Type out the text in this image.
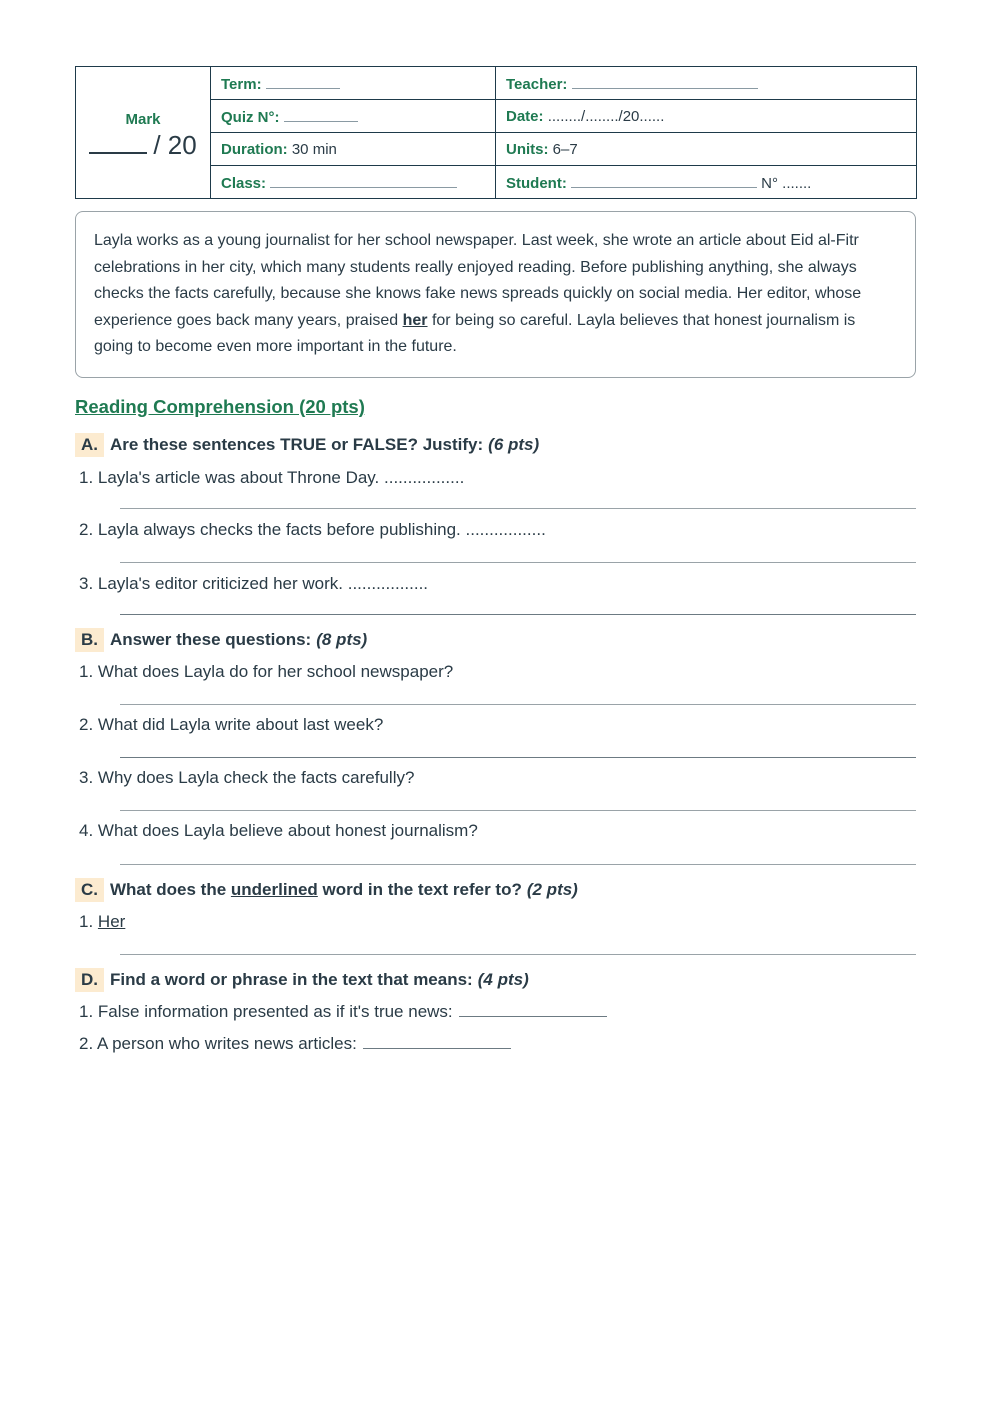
Mark
/ 20	Term:	Teacher:
	Quiz N°:	Date: ......../......../20......
	Duration: 30 min	Units: 6–7
	Class:	Student: N° .......
Layla works as a young journalist for her school newspaper. Last week, she wrote an article about Eid al-Fitr celebrations in her city, which many students really enjoyed reading. Before publishing anything, she always checks the facts carefully, because she knows fake news spreads quickly on social media. Her editor, whose experience goes back many years, praised her for being so careful. Layla believes that honest journalism is going to become even more important in the future.
Reading Comprehension (20 pts)
A. Are these sentences TRUE or FALSE? Justify: (6 pts)
1. Layla's article was about Throne Day. .................
2. Layla always checks the facts before publishing. .................
3. Layla's editor criticized her work. .................
B. Answer these questions: (8 pts)
1. What does Layla do for her school newspaper?
2. What did Layla write about last week?
3. Why does Layla check the facts carefully?
4. What does Layla believe about honest journalism?
C. What does the
underlined
word in the text refer to? (2 pts)
1. Her
D. Find a word or phrase in the text that means: (4 pts)
1. False information presented as if it's true news:
2. A person who writes news articles:
